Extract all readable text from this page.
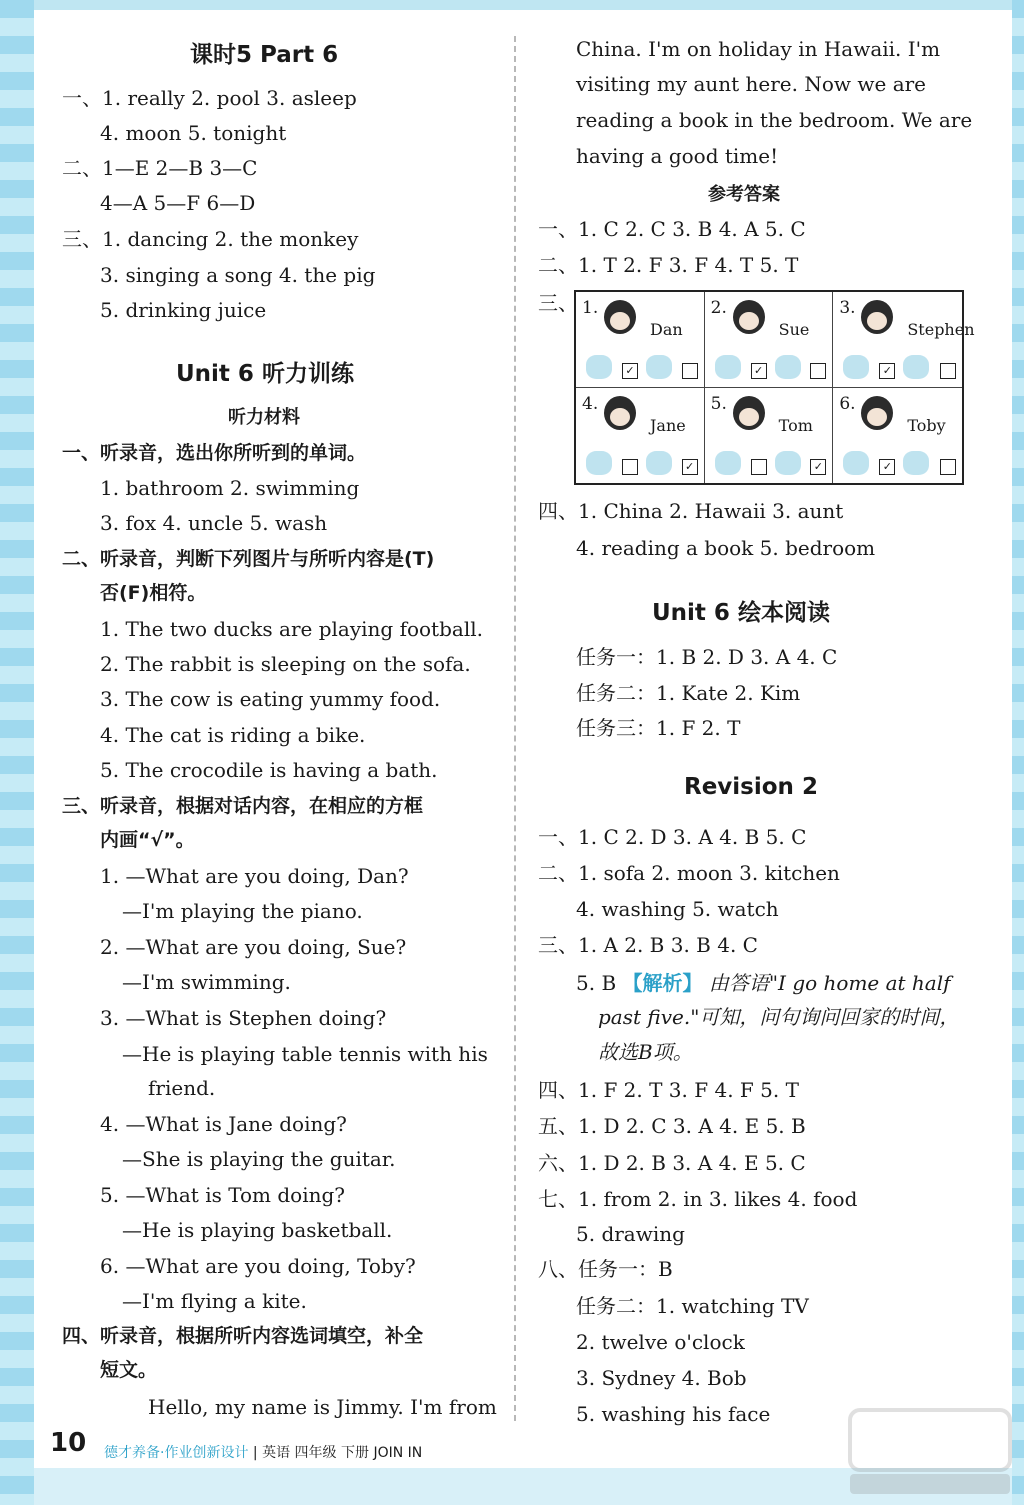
课时5 Part 6
一、1. really 2. pool 3. asleep
4. moon 5. tonight
二、1—E 2—B 3—C
4—A 5—F 6—D
三、1. dancing 2. the monkey
3. singing a song 4. the pig
5. drinking juice
Unit 6 听力训练
听力材料
一、听录音，选出你所听到的单词。
1. bathroom 2. swimming
3. fox 4. uncle 5. wash
二、听录音，判断下列图片与所听内容是(T)
否(F)相符。
1. The two ducks are playing football.
2. The rabbit is sleeping on the sofa.
3. The cow is eating yummy food.
4. The cat is riding a bike.
5. The crocodile is having a bath.
三、听录音，根据对话内容，在相应的方框
内画“√”。
1. —What are you doing, Dan?
—I'm playing the piano.
2. —What are you doing, Sue?
—I'm swimming.
3. —What is Stephen doing?
—He is playing table tennis with his
friend.
4. —What is Jane doing?
—She is playing the guitar.
5. —What is Tom doing?
—He is playing basketball.
6. —What are you doing, Toby?
—I'm flying a kite.
四、听录音，根据所听内容选词填空，补全
短文。
Hello, my name is Jimmy. I'm from
China. I'm on holiday in Hawaii. I'm
visiting my aunt here. Now we are
reading a book in the bedroom. We are
having a good time!
参考答案
一、1. C 2. C 3. B 4. A 5. C
二、1. T 2. F 3. F 4. T 5. T
三、 1.
Dan
✓
2.
Sue
✓
3.
Stephen
✓
4.
Jane
✓
5.
Tom
✓
6.
Toby
✓
四、1. China 2. Hawaii 3. aunt
4. reading a book 5. bedroom
Unit 6 绘本阅读
任务一：1. B 2. D 3. A 4. C
任务二：1. Kate 2. Kim
任务三：1. F 2. T
Revision 2
一、1. C 2. D 3. A 4. B 5. C
二、1. sofa 2. moon 3. kitchen
4. washing 5. watch
三、1. A 2. B 3. B 4. C
5. B 【解析】 由答语"I go home at half
past five."可知，问句询问回家的时间，
故选B项。
四、1. F 2. T 3. F 4. F 5. T
五、1. D 2. C 3. A 4. E 5. B
六、1. D 2. B 3. A 4. E 5. C
七、1. from 2. in 3. likes 4. food
5. drawing
八、任务一：B
任务二：1. watching TV
2. twelve o'clock
3. Sydney 4. Bob
5. washing his face
10 德才养备·作业创新设计 | 英语 四年级 下册 JOIN IN
